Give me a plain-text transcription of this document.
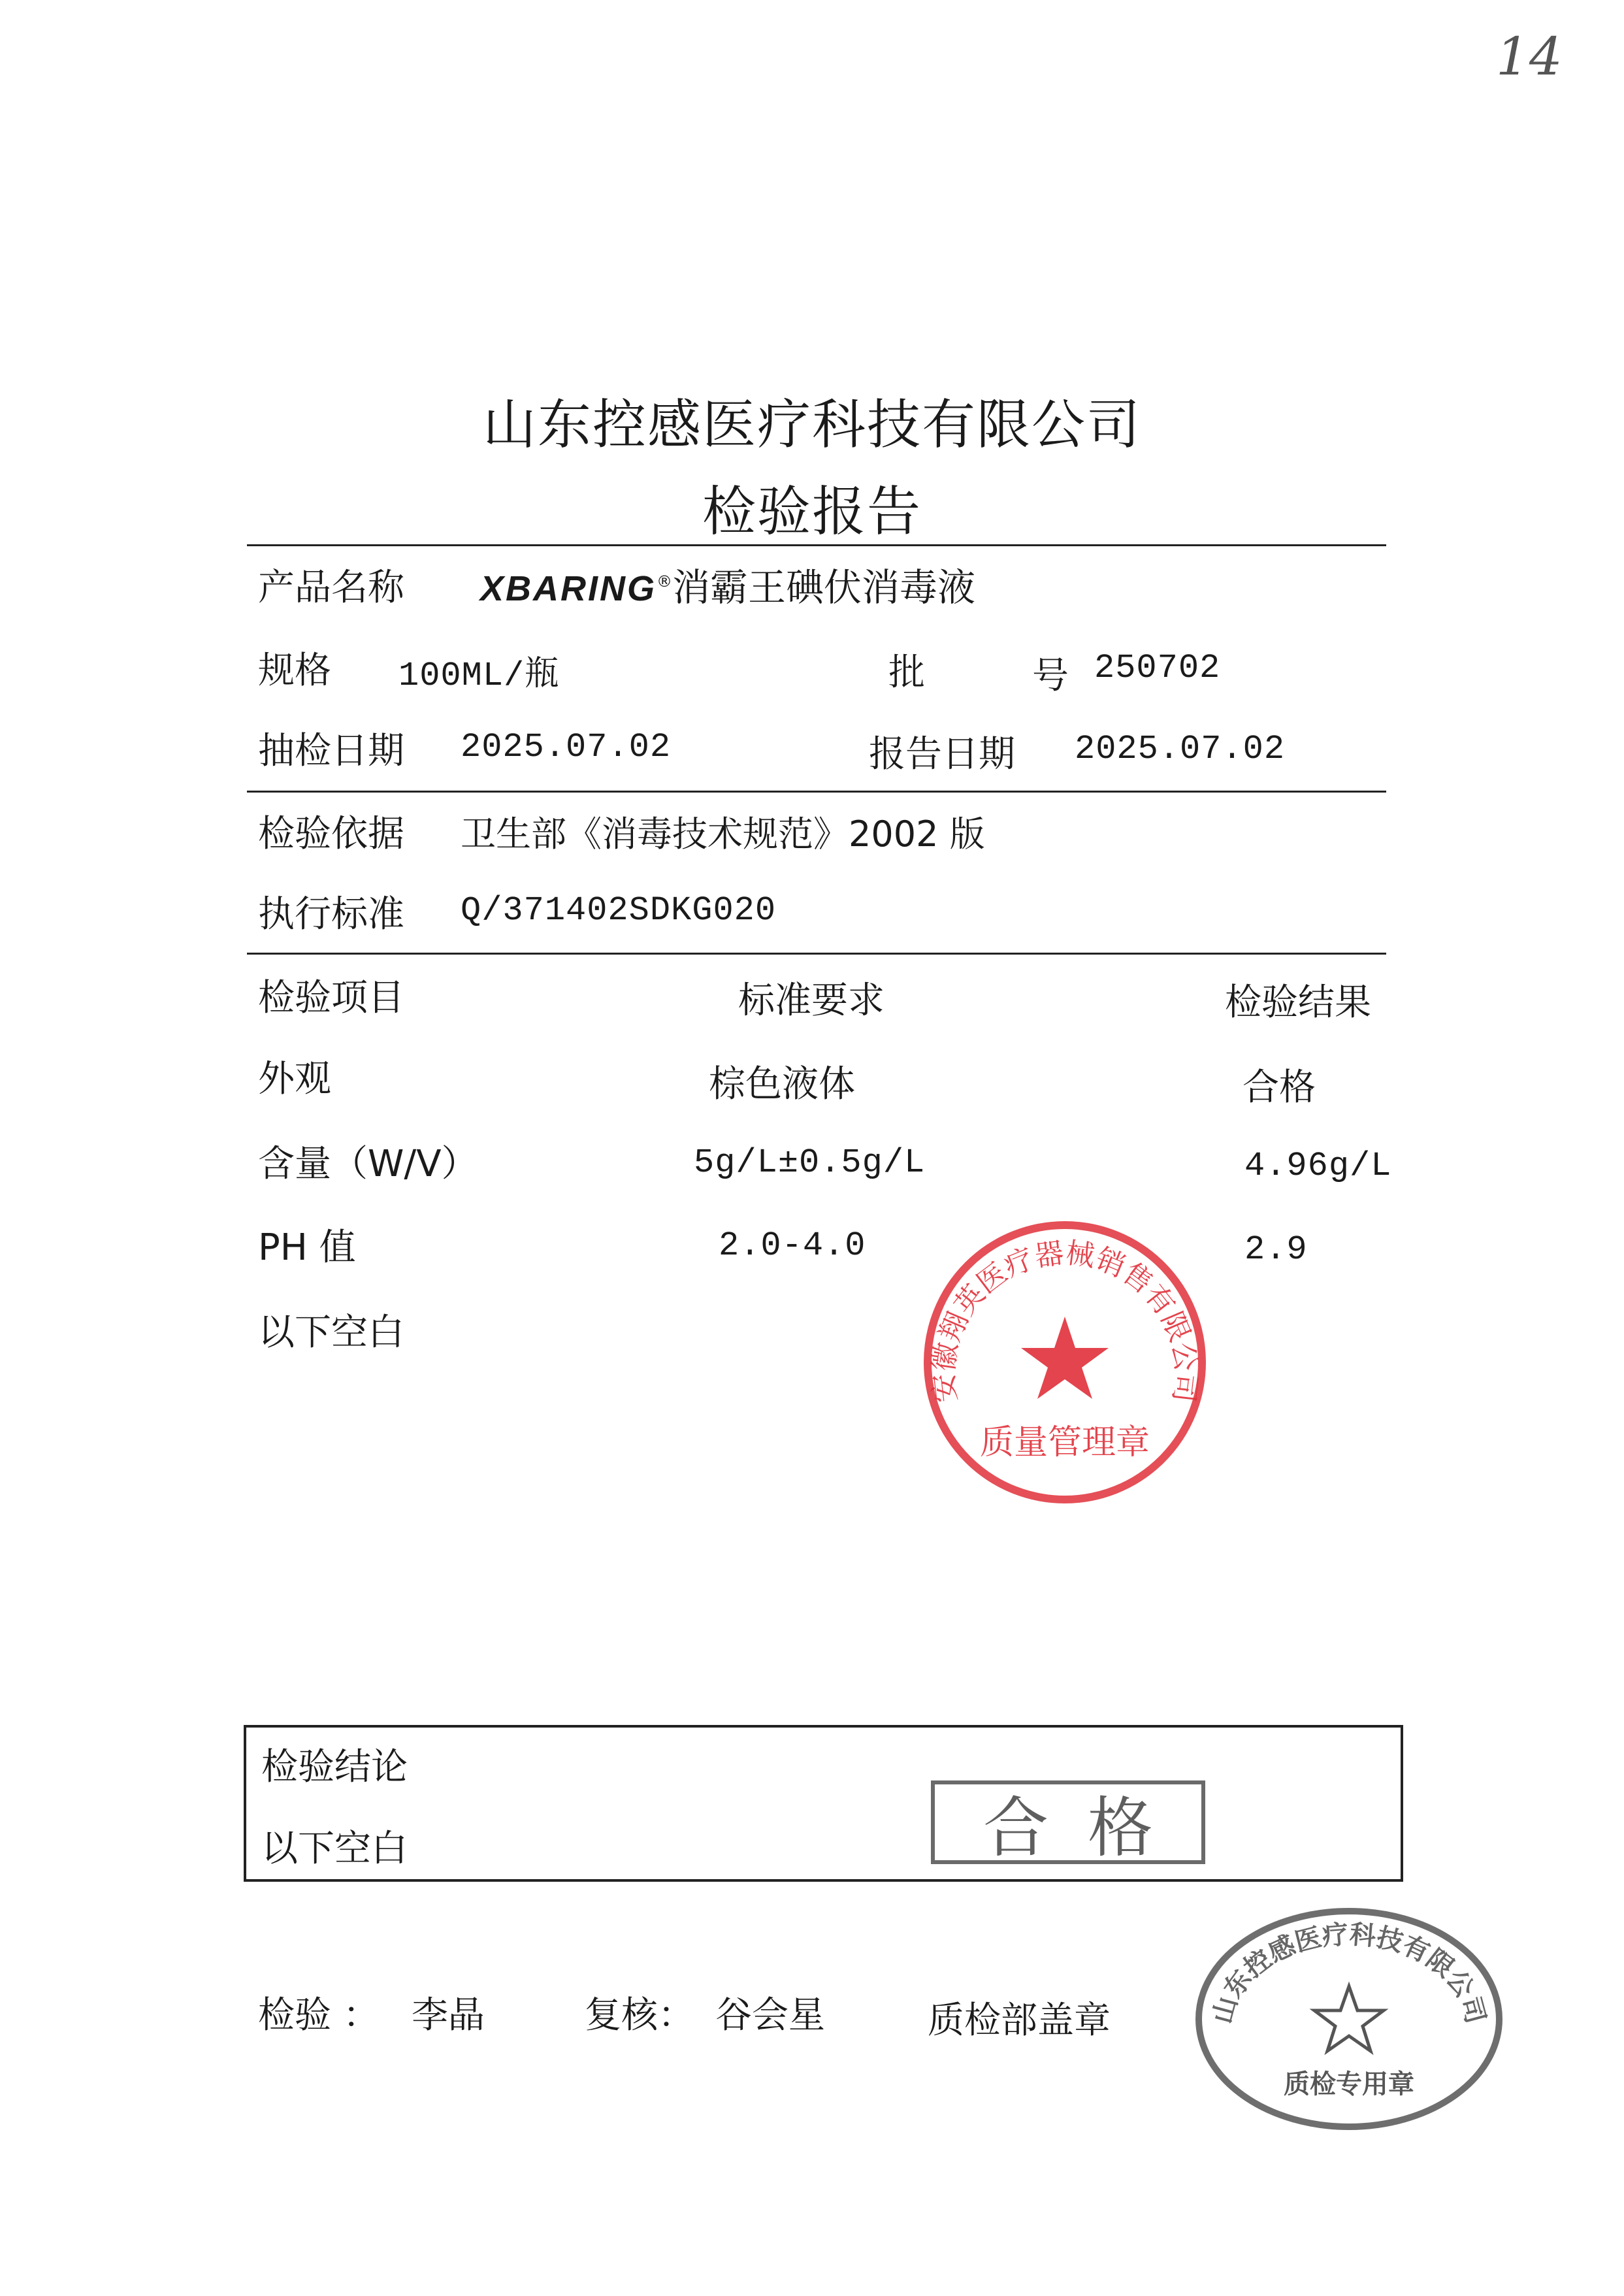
14
山东控感医疗科技有限公司
检验报告
产品名称 XBARING®消霸王碘伏消毒液
规格 100ML/瓶	批	号 250702
抽检日期 2025.07.02	报告日期 2025.07.02
检验依据 卫生部《消毒技术规范》2002 版
执行标准 Q/371402SDKG020
检验项目	标准要求	检验结果
外观	棕色液体	合格
含量（W/V）	5g/L±0.5g/L	4.96g/L
PH 值	2.0-4.0	2.9
以下空白
安徽翔英医疗器械销售有限公司
质量管理章
检验结论
以下空白	合格
检验 ： 李晶	复核： 谷会星	质检部盖章	山东控感医疗科技有限公司
质检专用章
